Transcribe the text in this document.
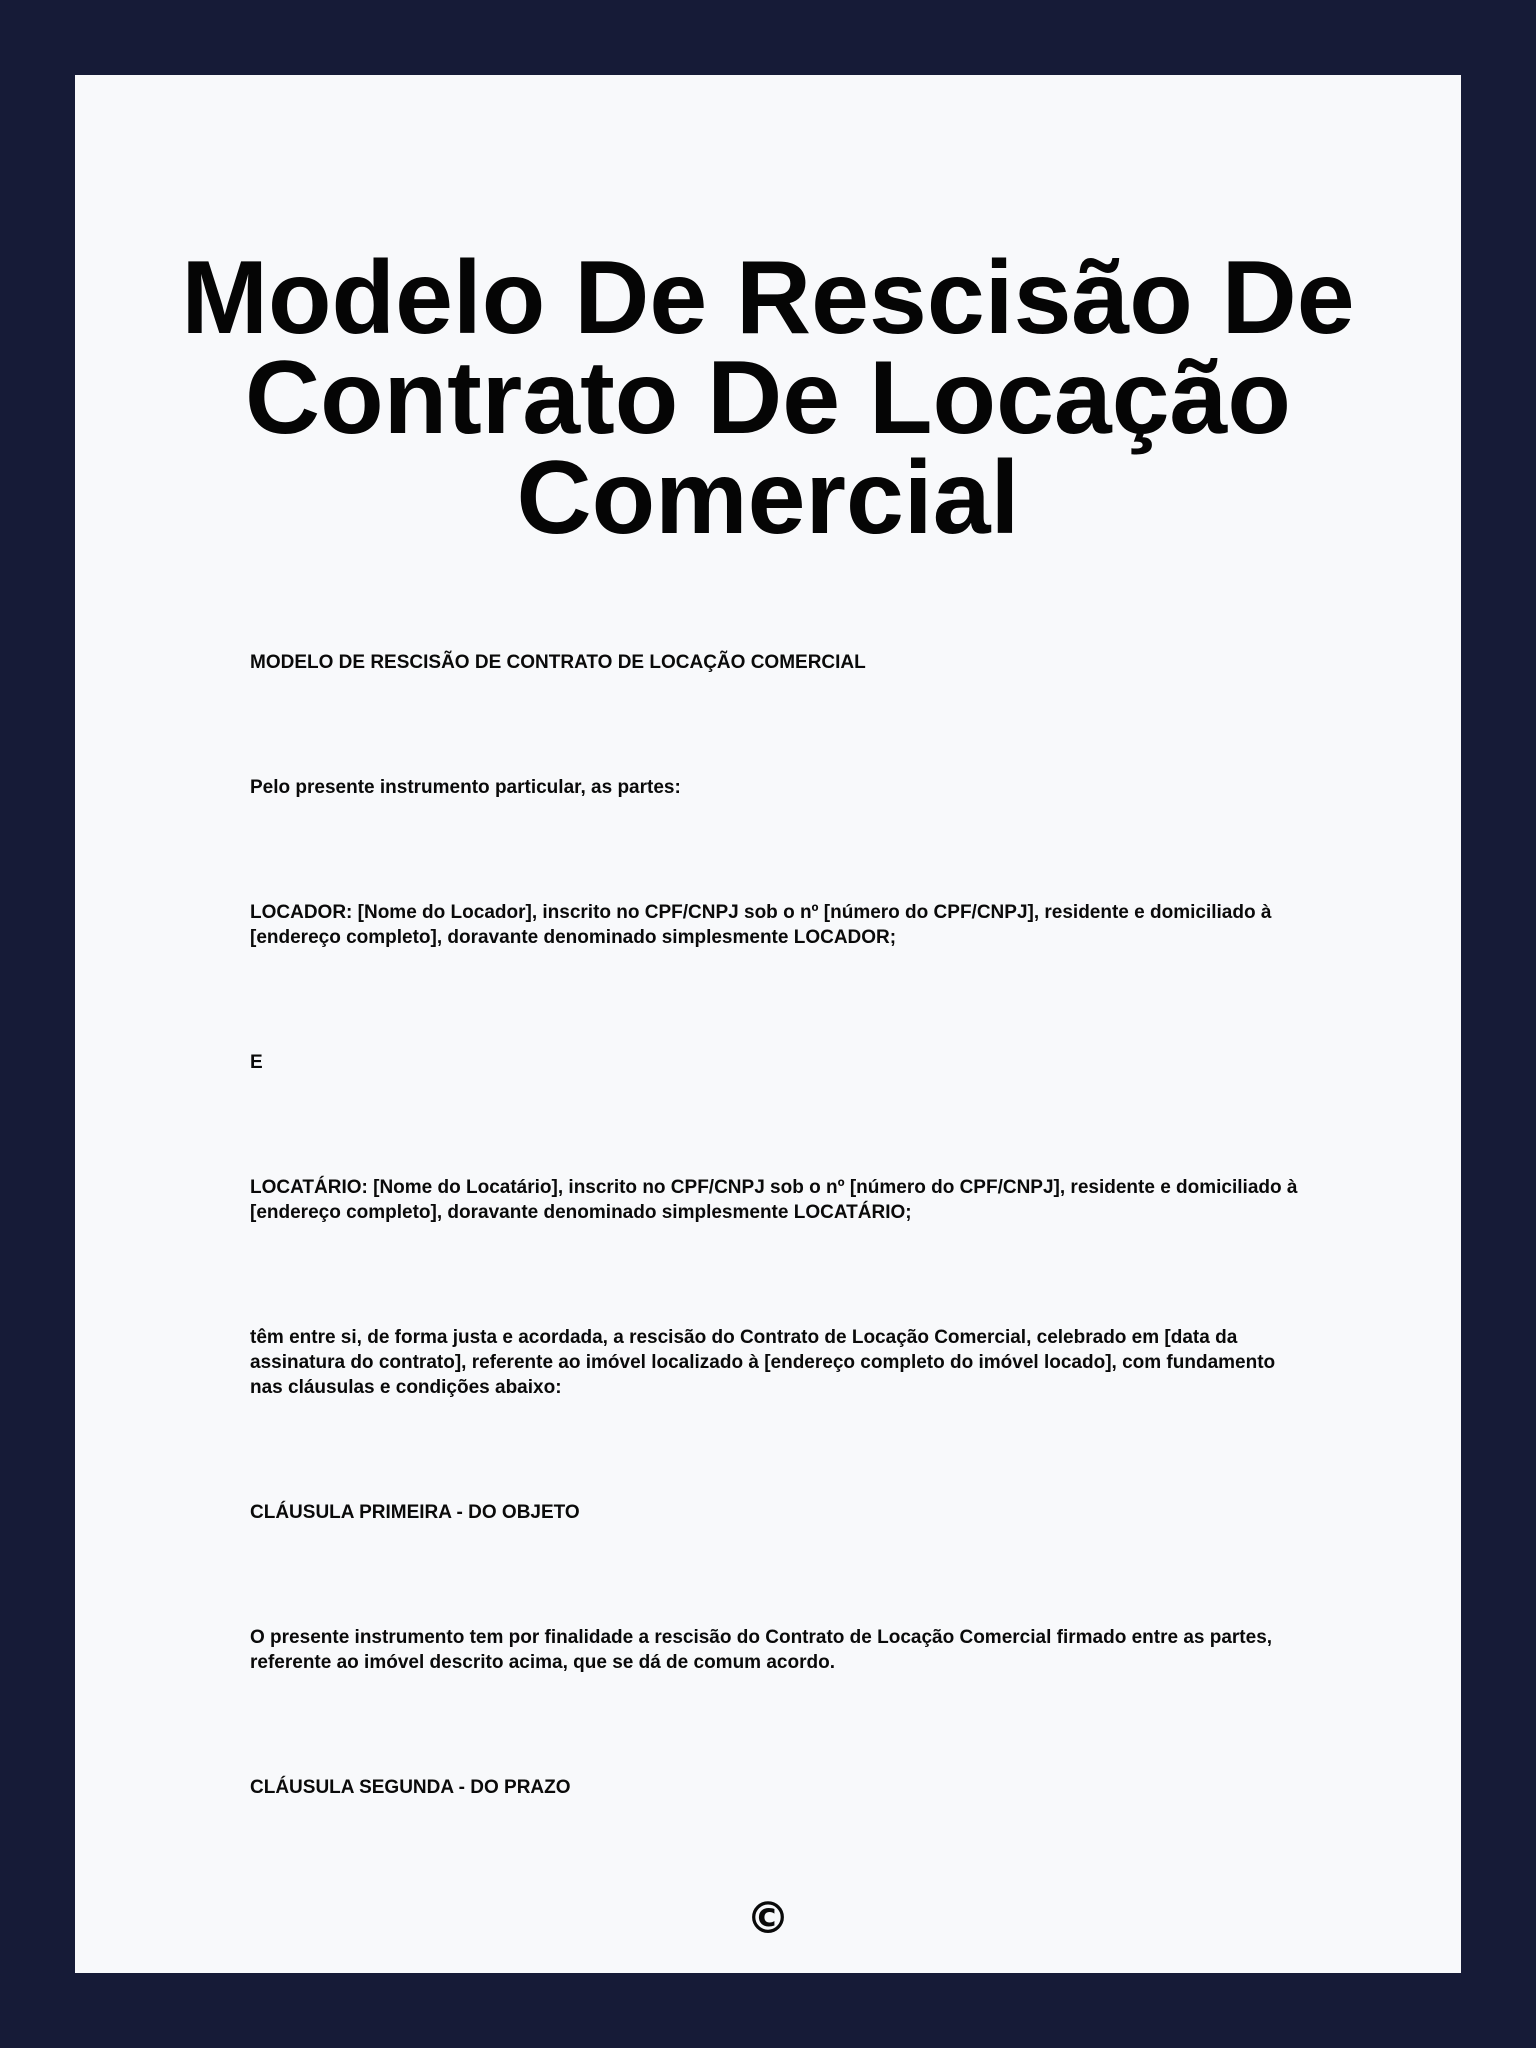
Modelo De Rescisão De Contrato De Locação Comercial

MODELO DE RESCISÃO DE CONTRATO DE LOCAÇÃO COMERCIAL

Pelo presente instrumento particular, as partes:

LOCADOR: [Nome do Locador], inscrito no CPF/CNPJ sob o nº [número do CPF/CNPJ], residente e domiciliado à [endereço completo], doravante denominado simplesmente LOCADOR;

E

LOCATÁRIO: [Nome do Locatário], inscrito no CPF/CNPJ sob o nº [número do CPF/CNPJ], residente e domiciliado à [endereço completo], doravante denominado simplesmente LOCATÁRIO;

têm entre si, de forma justa e acordada, a rescisão do Contrato de Locação Comercial, celebrado em [data da assinatura do contrato], referente ao imóvel localizado à [endereço completo do imóvel locado], com fundamento nas cláusulas e condições abaixo:

CLÁUSULA PRIMEIRA - DO OBJETO

O presente instrumento tem por finalidade a rescisão do Contrato de Locação Comercial firmado entre as partes, referente ao imóvel descrito acima, que se dá de comum acordo.

CLÁUSULA SEGUNDA - DO PRAZO

©
